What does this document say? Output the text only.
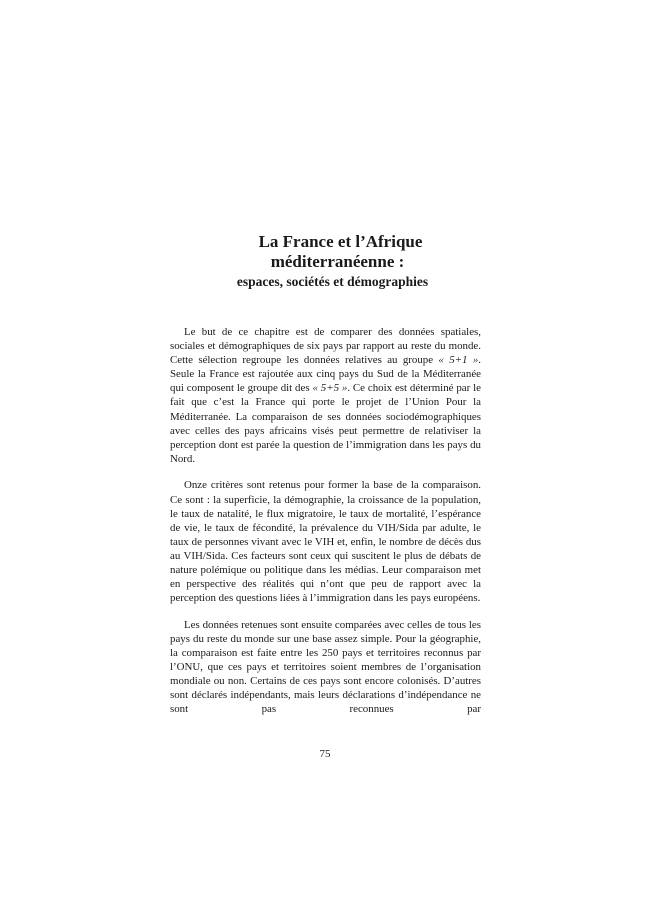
La France et l’Afrique
méditerranéenne :
espaces, sociétés et démographies

Le but de ce chapitre est de comparer des données spatiales, sociales et démographiques de six pays par rapport au reste du monde. Cette sélection regroupe les données relatives au groupe « 5+1 ». Seule la France est rajoutée aux cinq pays du Sud de la Méditerranée qui composent le groupe dit des « 5+5 ». Ce choix est déterminé par le fait que c’est la France qui porte le projet de l’Union Pour la Méditerranée. La comparaison de ses données sociodémographiques avec celles des pays africains visés peut permettre de relativiser la perception dont est parée la question de l’immigration dans les pays du Nord.

Onze critères sont retenus pour former la base de la comparaison. Ce sont : la superficie, la démographie, la croissance de la population, le taux de natalité, le flux migratoire, le taux de mortalité, l’espérance de vie, le taux de fécondité, la prévalence du VIH/Sida par adulte, le taux de personnes vivant avec le VIH et, enfin, le nombre de décès dus au VIH/Sida. Ces facteurs sont ceux qui suscitent le plus de débats de nature polémique ou politique dans les médias. Leur comparaison met en perspective des réalités qui n’ont que peu de rapport avec la perception des questions liées à l’immigration dans les pays européens.

Les données retenues sont ensuite comparées avec celles de tous les pays du reste du monde sur une base assez simple. Pour la géographie, la comparaison est faite entre les 250 pays et territoires reconnus par l’ONU, que ces pays et territoires soient membres de l’organisation mondiale ou non. Certains de ces pays sont encore colonisés. D’autres sont déclarés indépendants, mais leurs déclarations d’indépendance ne sont pas reconnues par

75
